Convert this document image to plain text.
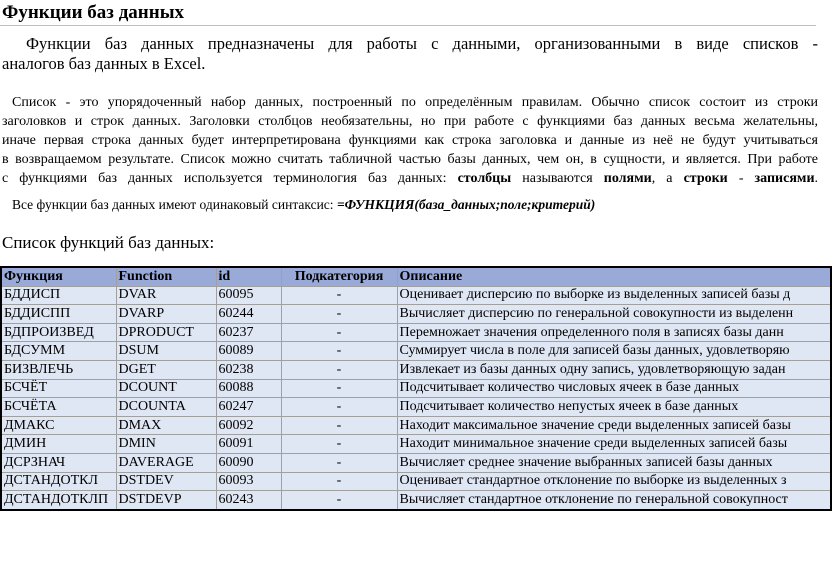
Функции баз данных
Функции баз данных предназначены для работы с данными, организованными в виде списков -
аналогов баз данных в Excel.
Список - это упорядоченный набор данных, построенный по определённым правилам. Обычно список состоит из строки
заголовков и строк данных. Заголовки столбцов необязательны, но при работе с функциями баз данных весьма желательны,
иначе первая строка данных будет интерпретирована функциями как строка заголовка и данные из неё не будут учитываться
в возвращаемом результате. Список можно считать табличной частью базы данных, чем он, в сущности, и является. При работе
с функциями баз данных используется терминология баз данных: столбцы называются полями, а строки - записями.
Все функции баз данных имеют одинаковый синтаксис: =ФУНКЦИЯ(база_данных;поле;критерий)
Список функций баз данных:
Функция	Function	id	Подкатегория	Описание
БДДИСП	DVAR	60095	-	Оценивает дисперсию по выборке из выделенных записей базы д
БДДИСПП	DVARP	60244	-	Вычисляет дисперсию по генеральной совокупности из выделенн
БДПРОИЗВЕД	DPRODUCT	60237	-	Перемножает значения определенного поля в записях базы данн
БДСУММ	DSUM	60089	-	Суммирует числа в поле для записей базы данных, удовлетворяю
БИЗВЛЕЧЬ	DGET	60238	-	Извлекает из базы данных одну запись, удовлетворяющую задан
БСЧЁТ	DCOUNT	60088	-	Подсчитывает количество числовых ячеек в базе данных
БСЧЁТА	DCOUNTA	60247	-	Подсчитывает количество непустых ячеек в базе данных
ДМАКС	DMAX	60092	-	Находит максимальное значение среди выделенных записей базы
ДМИН	DMIN	60091	-	Находит минимальное значение среди выделенных записей базы
ДСРЗНАЧ	DAVERAGE	60090	-	Вычисляет среднее значение выбранных записей базы данных
ДСТАНДОТКЛ	DSTDEV	60093	-	Оценивает стандартное отклонение по выборке из выделенных з
ДСТАНДОТКЛП	DSTDEVP	60243	-	Вычисляет стандартное отклонение по генеральной совокупност
